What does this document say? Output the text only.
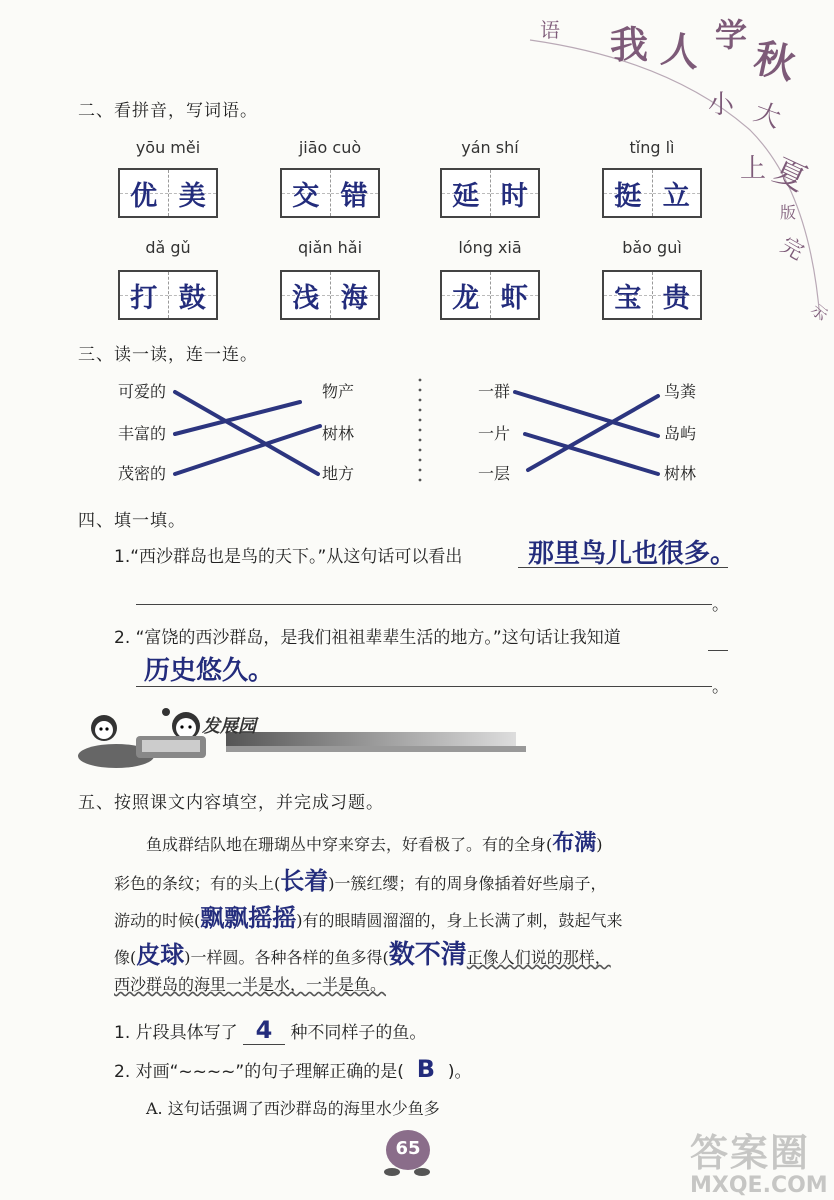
语 我 人 学 秋
小 大
上 夏
版
完
示
二、看拼音，写词语。
yōu měi
优 美
jiāo cuò
交 错
yán shí
延 时
tǐng lì
挺 立
dǎ gǔ
打 鼓
qiǎn hǎi
浅 海
lóng xiā
龙 虾
bǎo guì
宝 贵
三、读一读，连一连。
可爱的
丰富的
茂密的
物产
树林
地方
一群
一片
一层
鸟粪
岛屿
树林
四、填一填。
1.“西沙群岛也是鸟的天下。”从这句话可以看出	那里鸟儿也很多。
。
2. “富饶的西沙群岛，是我们祖祖辈辈生活的地方。”这句话让我知道
历史悠久。
。
发展园
五、按照课文内容填空，并完成习题。
鱼成群结队地在珊瑚丛中穿来穿去，好看极了。有的全身(布满)
彩色的条纹；有的头上(长着)一簇红缨；有的周身像插着好些扇子，
游动的时候(飘飘摇摇)有的眼睛圆溜溜的，身上长满了刺，鼓起气来
像(皮球)一样圆。各种各样的鱼多得(数不清正像人们说的那样，
西沙群岛的海里一半是水，一半是鱼。
1. 片段具体写了 4 种不同样子的鱼。
2. 对画“~~~~”的句子理解正确的是( B )。
A. 这句话强调了西沙群岛的海里水少鱼多
65	答案圈
MXQE.COM
